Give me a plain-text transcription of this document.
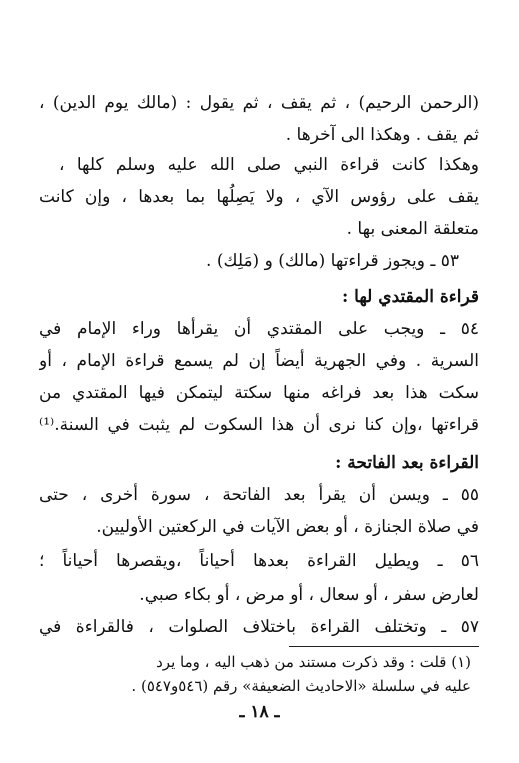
(الرحمن الرحيم) ، ثم يقف ، ثم يقول : (مالك يوم الدين) ،
ثم يقف . وهكذا الى آخرها .
وهكذا كانت قراءة النبي صلى الله عليه وسلم كلها ،
يقف على رؤوس الآي ، ولا يَصِلُها بما بعدها ، وإن كانت
متعلقة المعنى بها .
٥٣ ـ ويجوز قراءتها (مالك) و (مَلِك) .
قراءة المقتدي لها :
٥٤ ـ ويجب على المقتدي أن يقرأها وراء الإمام في
السرية . وفي الجهرية أيضاً إن لم يسمع قراءة الإمام ، أو
سكت هذا بعد فراغه منها سكتة ليتمكن فيها المقتدي من
قراءتها ،وإن كنا نرى أن هذا السكوت لم يثبت في السنة.⁽¹⁾
القراءة بعد الفاتحة :
٥٥ ـ ويسن أن يقرأ بعد الفاتحة ، سورة أخرى ، حتى
في صلاة الجنازة ، أو بعض الآيات في الركعتين الأوليين.
٥٦ ـ ويطيل القراءة بعدها أحياناً ،ويقصرها أحياناً ؛
لعارض سفر ، أو سعال ، أو مرض ، أو بكاء صبي.
٥٧ ـ وتختلف القراءة باختلاف الصلوات ، فالقراءة في
(١) قلت : وقد ذكرت مستند من ذهب اليه ، وما يرد
عليه في سلسلة «الاحاديث الضعيفة» رقم (٥٤٦و٥٤٧) .
ـ ١٨ ـ
